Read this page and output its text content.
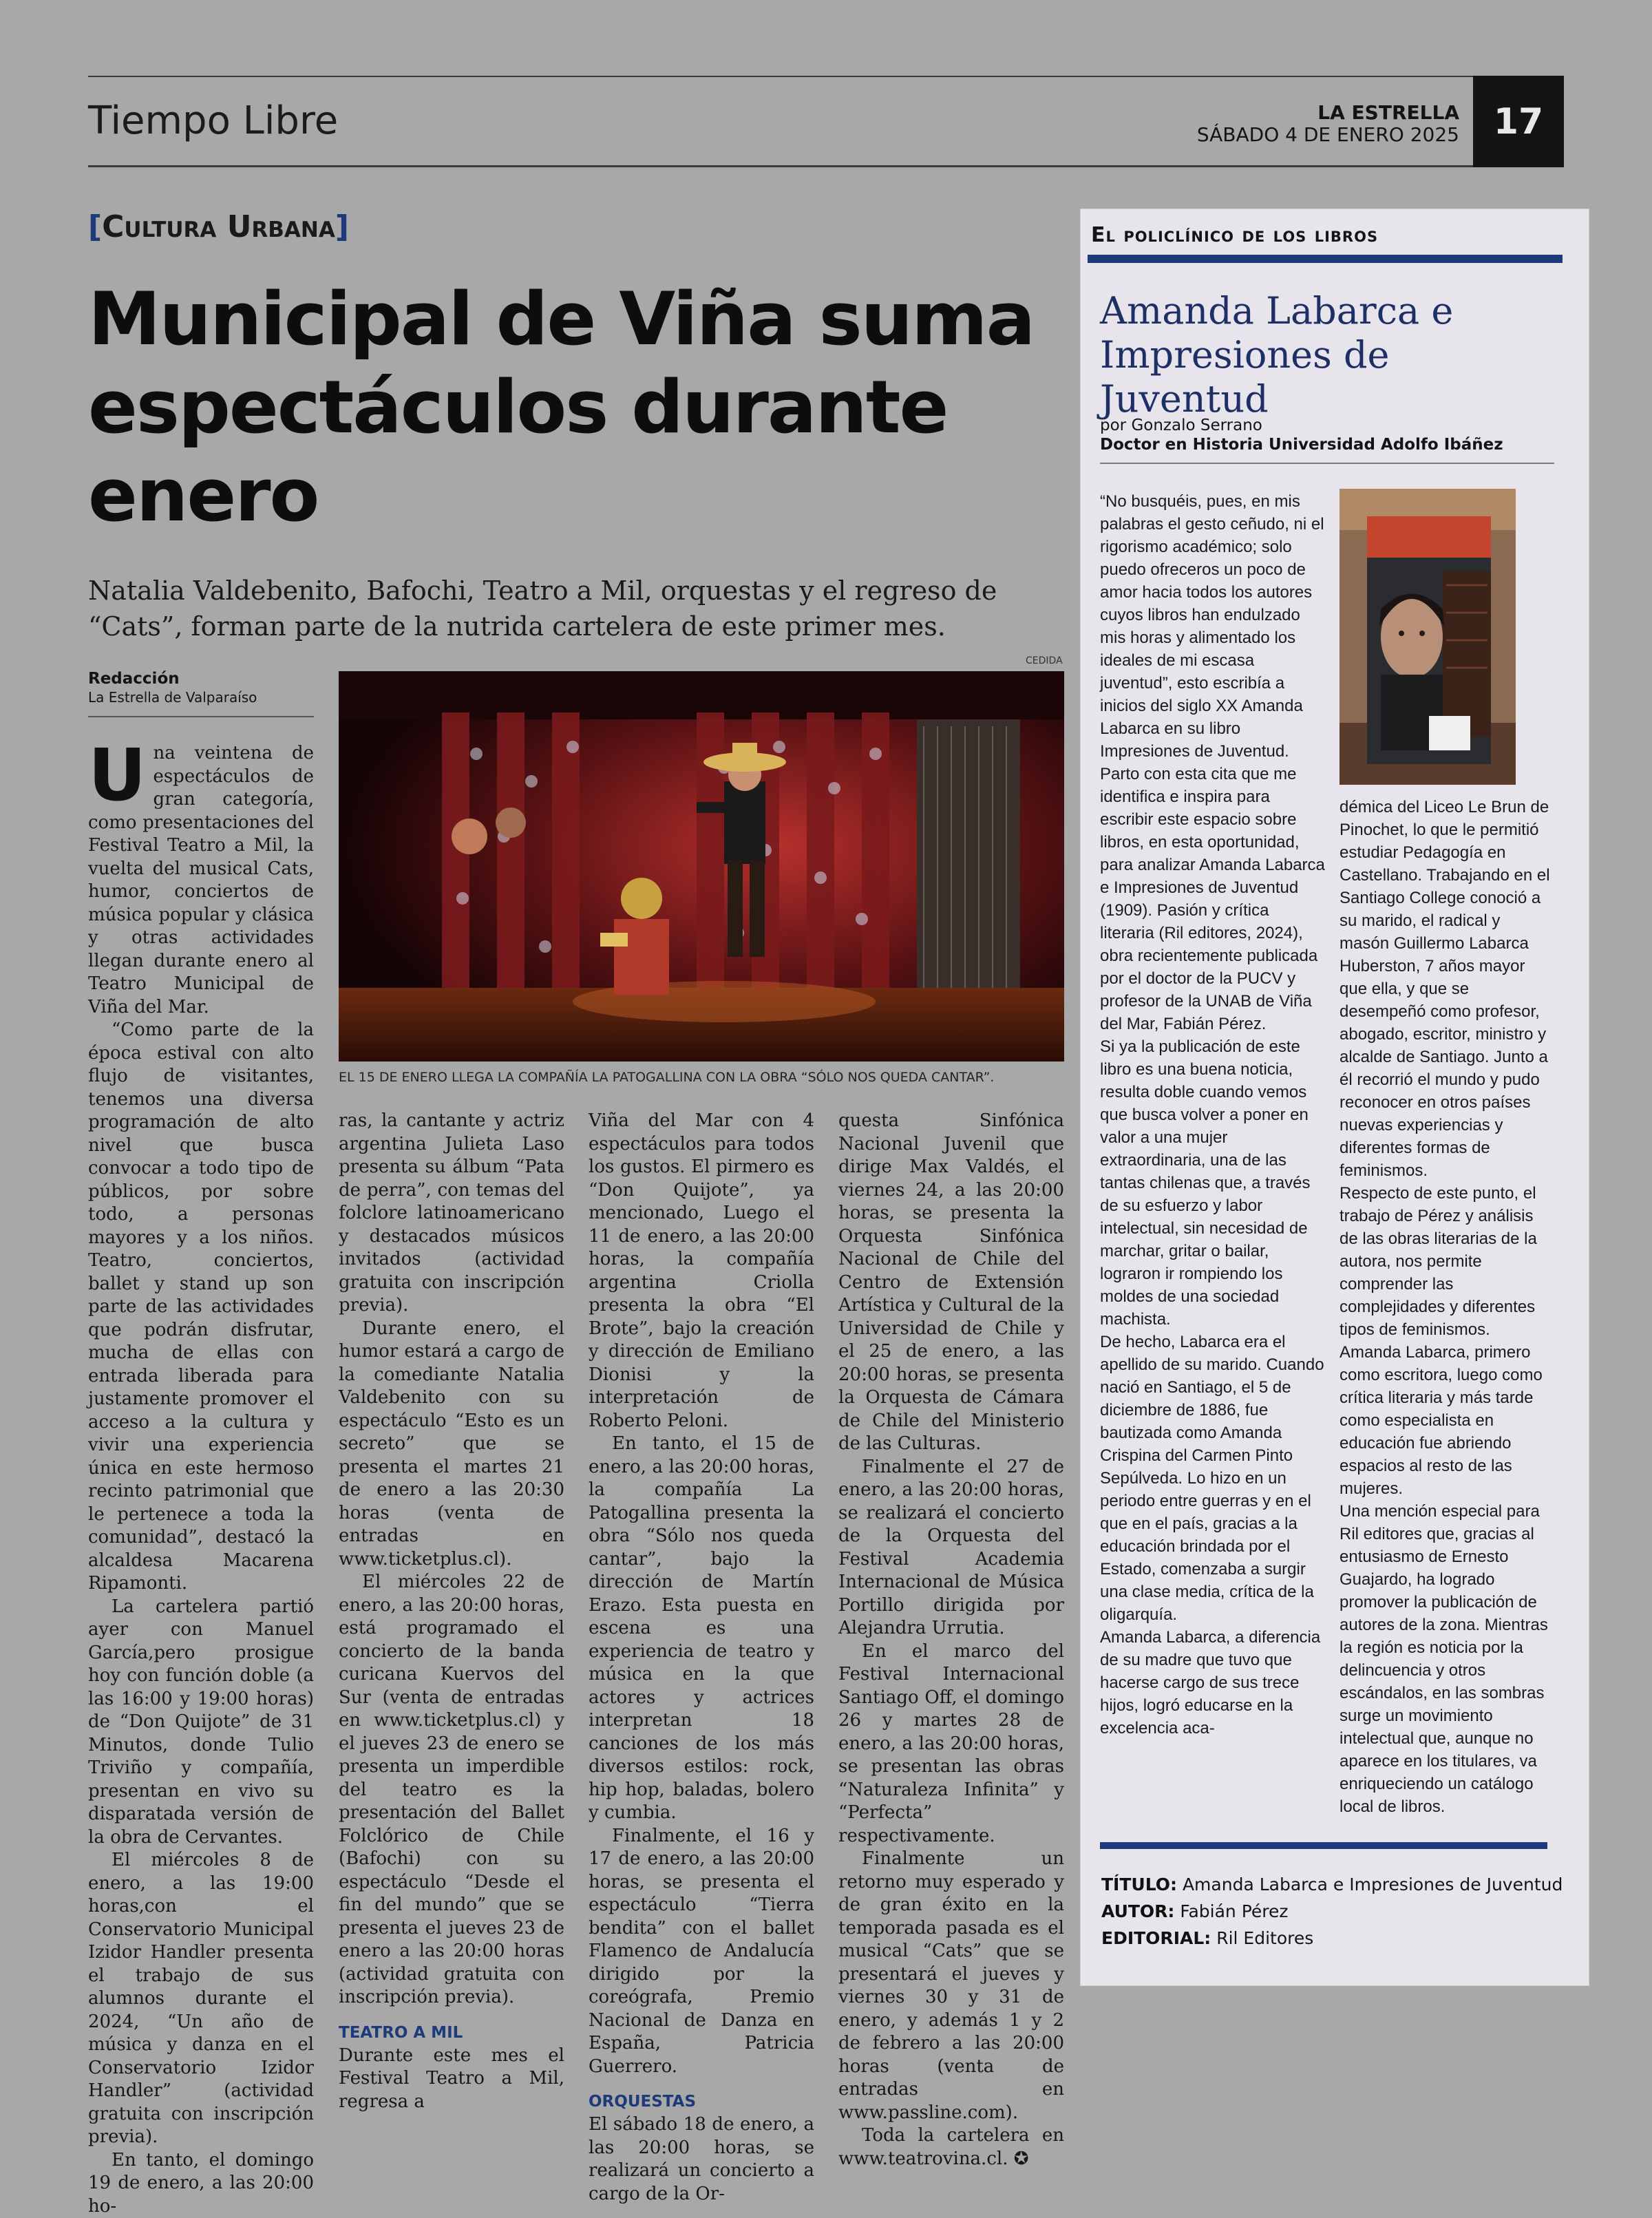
Tiempo Libre	LA ESTRELLA
SÁBADO 4 DE ENERO 2025 17
[Cultura Urbana]
Municipal de Viña suma espectáculos durante enero
Natalia Valdebenito, Bafochi, Teatro a Mil, orquestas y el regreso de “Cats”, forman parte de la nutrida cartelera de este primer mes.
Redacción
La Estrella de Valparaíso
CEDIDA
EL 15 DE ENERO LLEGA LA COMPAÑÍA LA PATOGALLINA CON LA OBRA “SÓLO NOS QUEDA CANTAR”.
U na veintena de espectáculos de gran categoría, como presentaciones del Festival Teatro a Mil, la vuelta del musical Cats, humor, conciertos de música popular y clásica y otras actividades llegan durante enero al Teatro Municipal de Viña del Mar.

“Como parte de la época estival con alto flujo de visitantes, tenemos una diversa programación de alto nivel que busca convocar a todo tipo de públicos, por sobre todo, a personas mayores y a los niños. Teatro, conciertos, ballet y stand up son parte de las actividades que podrán disfrutar, mucha de ellas con entrada liberada para justamente promover el acceso a la cultura y vivir una experiencia única en este hermoso recinto patrimonial que le pertenece a toda la comunidad”, destacó la alcaldesa Macarena Ripamonti.

La cartelera partió ayer con Manuel García,pero prosigue hoy con función doble (a las 16:00 y 19:00 horas) de “Don Quijote” de 31 Minutos, donde Tulio Triviño y compañía, presentan en vivo su disparatada versión de la obra de Cervantes.

El miércoles 8 de enero, a las 19:00 horas,con el Conservatorio Municipal Izidor Handler presenta el trabajo de sus alumnos durante el 2024, “Un año de música y danza en el Conservatorio Izidor Handler” (actividad gratuita con inscripción previa).

En tanto, el domingo 19 de enero, a las 20:00 ho-

ras, la cantante y actriz argentina Julieta Laso presenta su álbum “Pata de perra”, con temas del folclore latinoamericano y destacados músicos invitados (actividad gratuita con inscripción previa).

Durante enero, el humor estará a cargo de la comediante Natalia Valdebenito con su espectáculo “Esto es un secreto” que se presenta el martes 21 de enero a las 20:30 horas (venta de entradas en www.ticketplus.cl).

El miércoles 22 de enero, a las 20:00 horas, está programado el concierto de la banda curicana Kuervos del Sur (venta de entradas en www.ticketplus.cl) y el jueves 23 de enero se presenta un imperdible del teatro es la presentación del Ballet Folclórico de Chile (Bafochi) con su espectáculo “Desde el fin del mundo” que se presenta el jueves 23 de enero a las 20:00 horas (actividad gratuita con inscripción previa).

TEATRO A MIL

Durante este mes el Festival Teatro a Mil, regresa a

Viña del Mar con 4 espectáculos para todos los gustos. El pirmero es “Don Quijote”, ya mencionado, Luego el 11 de enero, a las 20:00 horas, la compañía argentina Criolla presenta la obra “El Brote”, bajo la creación y dirección de Emiliano Dionisi y la interpretación de Roberto Peloni.

En tanto, el 15 de enero, a las 20:00 horas, la compañía La Patogallina presenta la obra “Sólo nos queda cantar”, bajo la dirección de Martín Erazo. Esta puesta en escena es una experiencia de teatro y música en la que actores y actrices interpretan 18 canciones de los más diversos estilos: rock, hip hop, baladas, bolero y cumbia.

Finalmente, el 16 y 17 de enero, a las 20:00 horas, se presenta el espectáculo “Tierra bendita” con el ballet Flamenco de Andalucía dirigido por la coreógrafa, Premio Nacional de Danza en España, Patricia Guerrero.

ORQUESTAS

El sábado 18 de enero, a las 20:00 horas, se realizará un concierto a cargo de la Or-

questa Sinfónica Nacional Juvenil que dirige Max Valdés, el viernes 24, a las 20:00 horas, se presenta la Orquesta Sinfónica Nacional de Chile del Centro de Extensión Artística y Cultural de la Universidad de Chile y el 25 de enero, a las 20:00 horas, se presenta la Orquesta de Cámara de Chile del Ministerio de las Culturas.

Finalmente el 27 de enero, a las 20:00 horas, se realizará el concierto de la Orquesta del Festival Academia Internacional de Música Portillo dirigida por Alejandra Urrutia.

En el marco del Festival Internacional Santiago Off, el domingo 26 y martes 28 de enero, a las 20:00 horas, se presentan las obras “Naturaleza Infinita” y “Perfecta” respectivamente.

Finalmente un retorno muy esperado y de gran éxito en la temporada pasada es el musical “Cats” que se presentará el jueves y viernes 30 y 31 de enero, y además 1 y 2 de febrero a las 20:00 horas (venta de entradas en www.passline.com).

Toda la cartelera en www.teatrovina.cl. ✪

El policlínico de los libros
Amanda Labarca e Impresiones de Juventud
por Gonzalo Serrano
Doctor en Historia Universidad Adolfo Ibáñez

“No busquéis, pues, en mis palabras el gesto ceñudo, ni el rigorismo académico; solo puedo ofreceros un poco de amor hacia todos los autores cuyos libros han endulzado mis horas y alimentado los ideales de mi escasa juventud”, esto escribía a inicios del siglo XX Amanda Labarca en su libro Impresiones de Juventud.

Parto con esta cita que me identifica e inspira para escribir este espacio sobre libros, en esta oportunidad, para analizar Amanda Labarca e Impresiones de Juventud (1909). Pasión y crítica literaria (Ril editores, 2024), obra recientemente publicada por el doctor de la PUCV y profesor de la UNAB de Viña del Mar, Fabián Pérez.

Si ya la publicación de este libro es una buena noticia, resulta doble cuando vemos que busca volver a poner en valor a una mujer extraordinaria, una de las tantas chilenas que, a través de su esfuerzo y labor intelectual, sin necesidad de marchar, gritar o bailar, lograron ir rompiendo los moldes de una sociedad machista.

De hecho, Labarca era el apellido de su marido. Cuando nació en Santiago, el 5 de diciembre de 1886, fue bautizada como Amanda Crispina del Carmen Pinto Sepúlveda. Lo hizo en un periodo entre guerras y en el que en el país, gracias a la educación brindada por el Estado, comenzaba a surgir una clase media, crítica de la oligarquía.

Amanda Labarca, a diferencia de su madre que tuvo que hacerse cargo de sus trece hijos, logró educarse en la excelencia aca-

démica del Liceo Le Brun de Pinochet, lo que le permitió estudiar Pedagogía en Castellano. Trabajando en el Santiago College conoció a su marido, el radical y masón Guillermo Labarca Huberston, 7 años mayor que ella, y que se desempeñó como profesor, abogado, escritor, ministro y alcalde de Santiago. Junto a él recorrió el mundo y pudo reconocer en otros países nuevas experiencias y diferentes formas de feminismos.

Respecto de este punto, el trabajo de Pérez y análisis de las obras literarias de la autora, nos permite comprender las complejidades y diferentes tipos de feminismos. Amanda Labarca, primero como escritora, luego como crítica literaria y más tarde como especialista en educación fue abriendo espacios al resto de las mujeres.

Una mención especial para Ril editores que, gracias al entusiasmo de Ernesto Guajardo, ha logrado promover la publicación de autores de la zona. Mientras la región es noticia por la delincuencia y otros escándalos, en las sombras surge un movimiento intelectual que, aunque no aparece en los titulares, va enriqueciendo un catálogo local de libros.

TÍTULO: Amanda Labarca e Impresiones de Juventud
AUTOR: Fabián Pérez
EDITORIAL: Ril Editores
